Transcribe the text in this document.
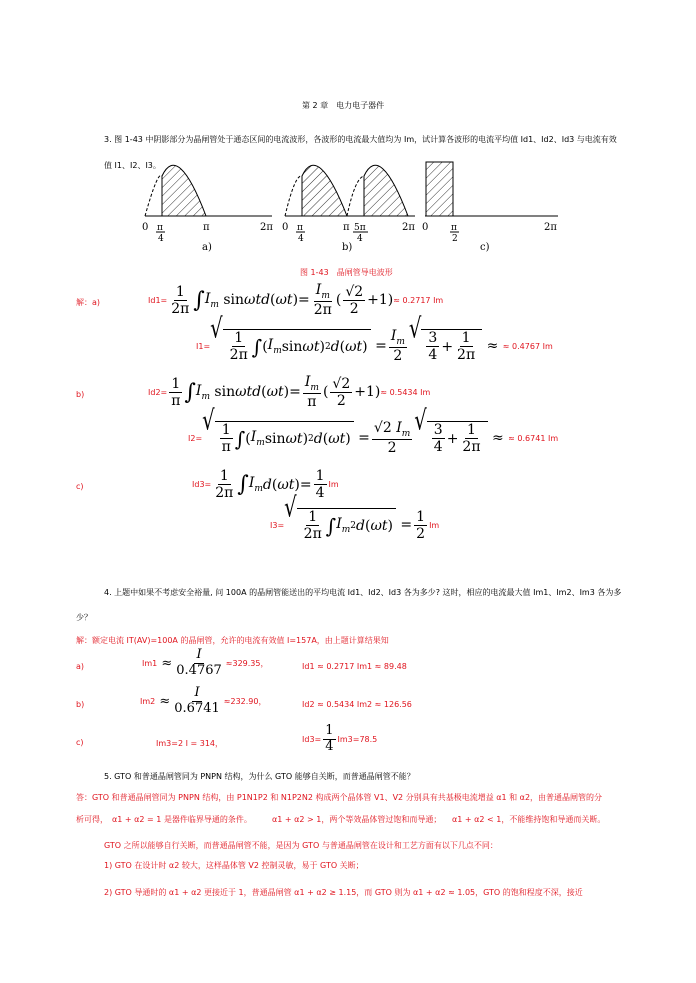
第 2 章　电力电子器件
3. 图 1-43 中阴影部分为晶闸管处于通态区间的电流波形，各波形的电流最大值均为 Im，试计算各波形的电流平均值 Id1、Id2、Id3 与电流有效值 I1、I2、I3。
0 π
4
π	2π
a)
0 π
4
π 5π
4
2π
b)
0	π
2
2π
c)
图 1-43　晶闸管导电波形
解：a)	$Id1= \frac{1}{2\pi}$ ∫ $I_m$ sin ωtd ( ωt )= $\frac{I_m}{2\pi}$ ( $\frac{√2}{2} +1) \approx 0.2717$ Im
I1=
√
$\frac{1}{2\pi}$ ∫ ( $I_m$ sin ωt ) 2 d ( ωt ) = $\frac{I_m}{2}$ √
$\frac{3}{4} + \frac{1}{2\pi}$ ≈ ≈ 0.4767 Im
b)	$Id2= \frac{1}{\pi}$ ∫ $I_m$ sin ωtd ( ωt )= $\frac{I_m}{\pi}$ ( $\frac{√2}{2} +1) \approx 0.5434$ Im
I2=
√
$\frac{1}{\pi}$ ∫ ( $I_m$ sin ωt ) 2 d ( ωt ) = $\frac{√2 I_m}{2}$ √
$\frac{3}{4} + \frac{1}{2\pi}$ ≈ ≈ 0.6741 Im
c)	$Id3= \frac{1}{2\pi}$ ∫ $I_m$ d ( ωt )= $\frac{1}{4}$ Im
I3=
√
$\frac{1}{2\pi}$ ∫ $I_m$ 2 d ( ωt ) = $\frac{1}{2}$ Im
4. 上题中如果不考虑安全裕量, 问 100A 的晶闸管能送出的平均电流 Id1、Id2、Id3 各为多少? 这时，相应的电流最大值 Im1、Im2、Im3 各为多
少？
解：额定电流 IT(AV)=100A 的晶闸管，允许的电流有效值 I=157A，由上题计算结果知
a)	$Im1 \approx \frac{I}{0.4767} \approx 329.35$，	Id1 ≈ 0.2717 Im1 ≈ 89.48
b)	$Im2 \approx \frac{I}{0.6741} \approx 232.90$，	Id2 ≈ 0.5434 Im2 ≈ 126.56
c)	Im3=2 I = 314，	$Id3= \frac{1}{4} Im3=78.5$
5. GTO 和普通晶闸管同为 PNPN 结构，为什么 GTO 能够自关断，而普通晶闸管不能？
答：GTO 和普通晶闸管同为 PNPN 结构，由 P1N1P2 和 N1P2N2 构成两个晶体管 V1、V2 分别具有共基极电流增益 α1 和 α2，由普通晶闸管的分
析可得， α1 + α2 = 1 是器件临界导通的条件。	α1 + α2 > 1，两个等效晶体管过饱和而导通； α1 + α2 < 1，不能维持饱和导通而关断。
GTO 之所以能够自行关断，而普通晶闸管不能，是因为 GTO 与普通晶闸管在设计和工艺方面有以下几点不同：
1) GTO 在设计时 α2 较大，这样晶体管 V2 控制灵敏，易于 GTO 关断；
2) GTO 导通时的 α1 + α2 更接近于 1，普通晶闸管 α1 + α2 ≥ 1.15，而 GTO 则为 α1 + α2 ≈ 1.05，GTO 的饱和程度不深，接近
